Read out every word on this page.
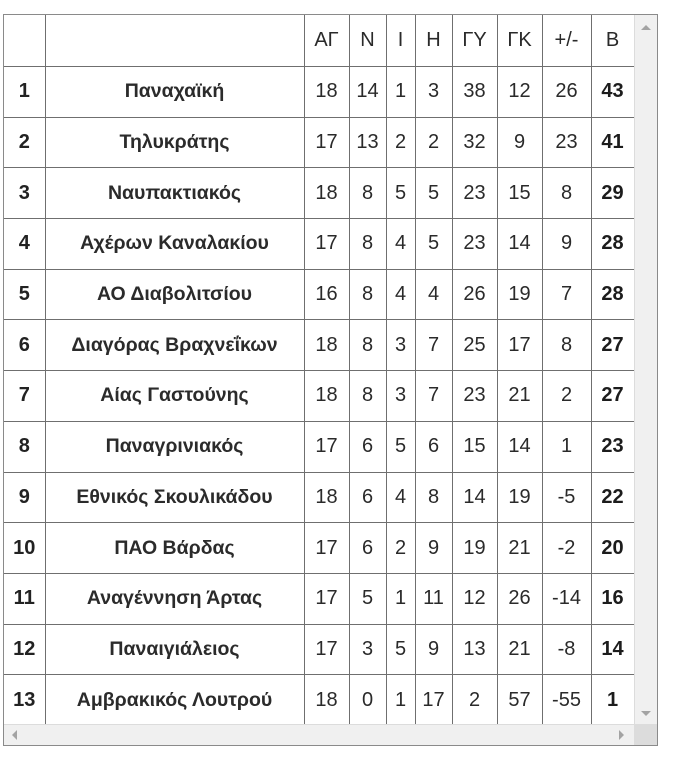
		ΑΓ	Ν	Ι	Η	ΓΥ	ΓΚ	+/-	Β
1	Παναχαϊκή	18	14	1	3	38	12	26	43
2	Τηλυκράτης	17	13	2	2	32	9	23	41
3	Ναυπακτιακός	18	8	5	5	23	15	8	29
4	Αχέρων Καναλακίου	17	8	4	5	23	14	9	28
5	ΑΟ Διαβολιτσίου	16	8	4	4	26	19	7	28
6	Διαγόρας Βραχνεΐκων	18	8	3	7	25	17	8	27
7	Αίας Γαστούνης	18	8	3	7	23	21	2	27
8	Παναγρινιακός	17	6	5	6	15	14	1	23
9	Εθνικός Σκουλικάδου	18	6	4	8	14	19	-5	22
10	ΠΑΟ Βάρδας	17	6	2	9	19	21	-2	20
11	Αναγέννηση Άρτας	17	5	1	11	12	26	-14	16
12	Παναιγιάλειος	17	3	5	9	13	21	-8	14
13	Αμβρακικός Λουτρού	18	0	1	17	2	57	-55	1
